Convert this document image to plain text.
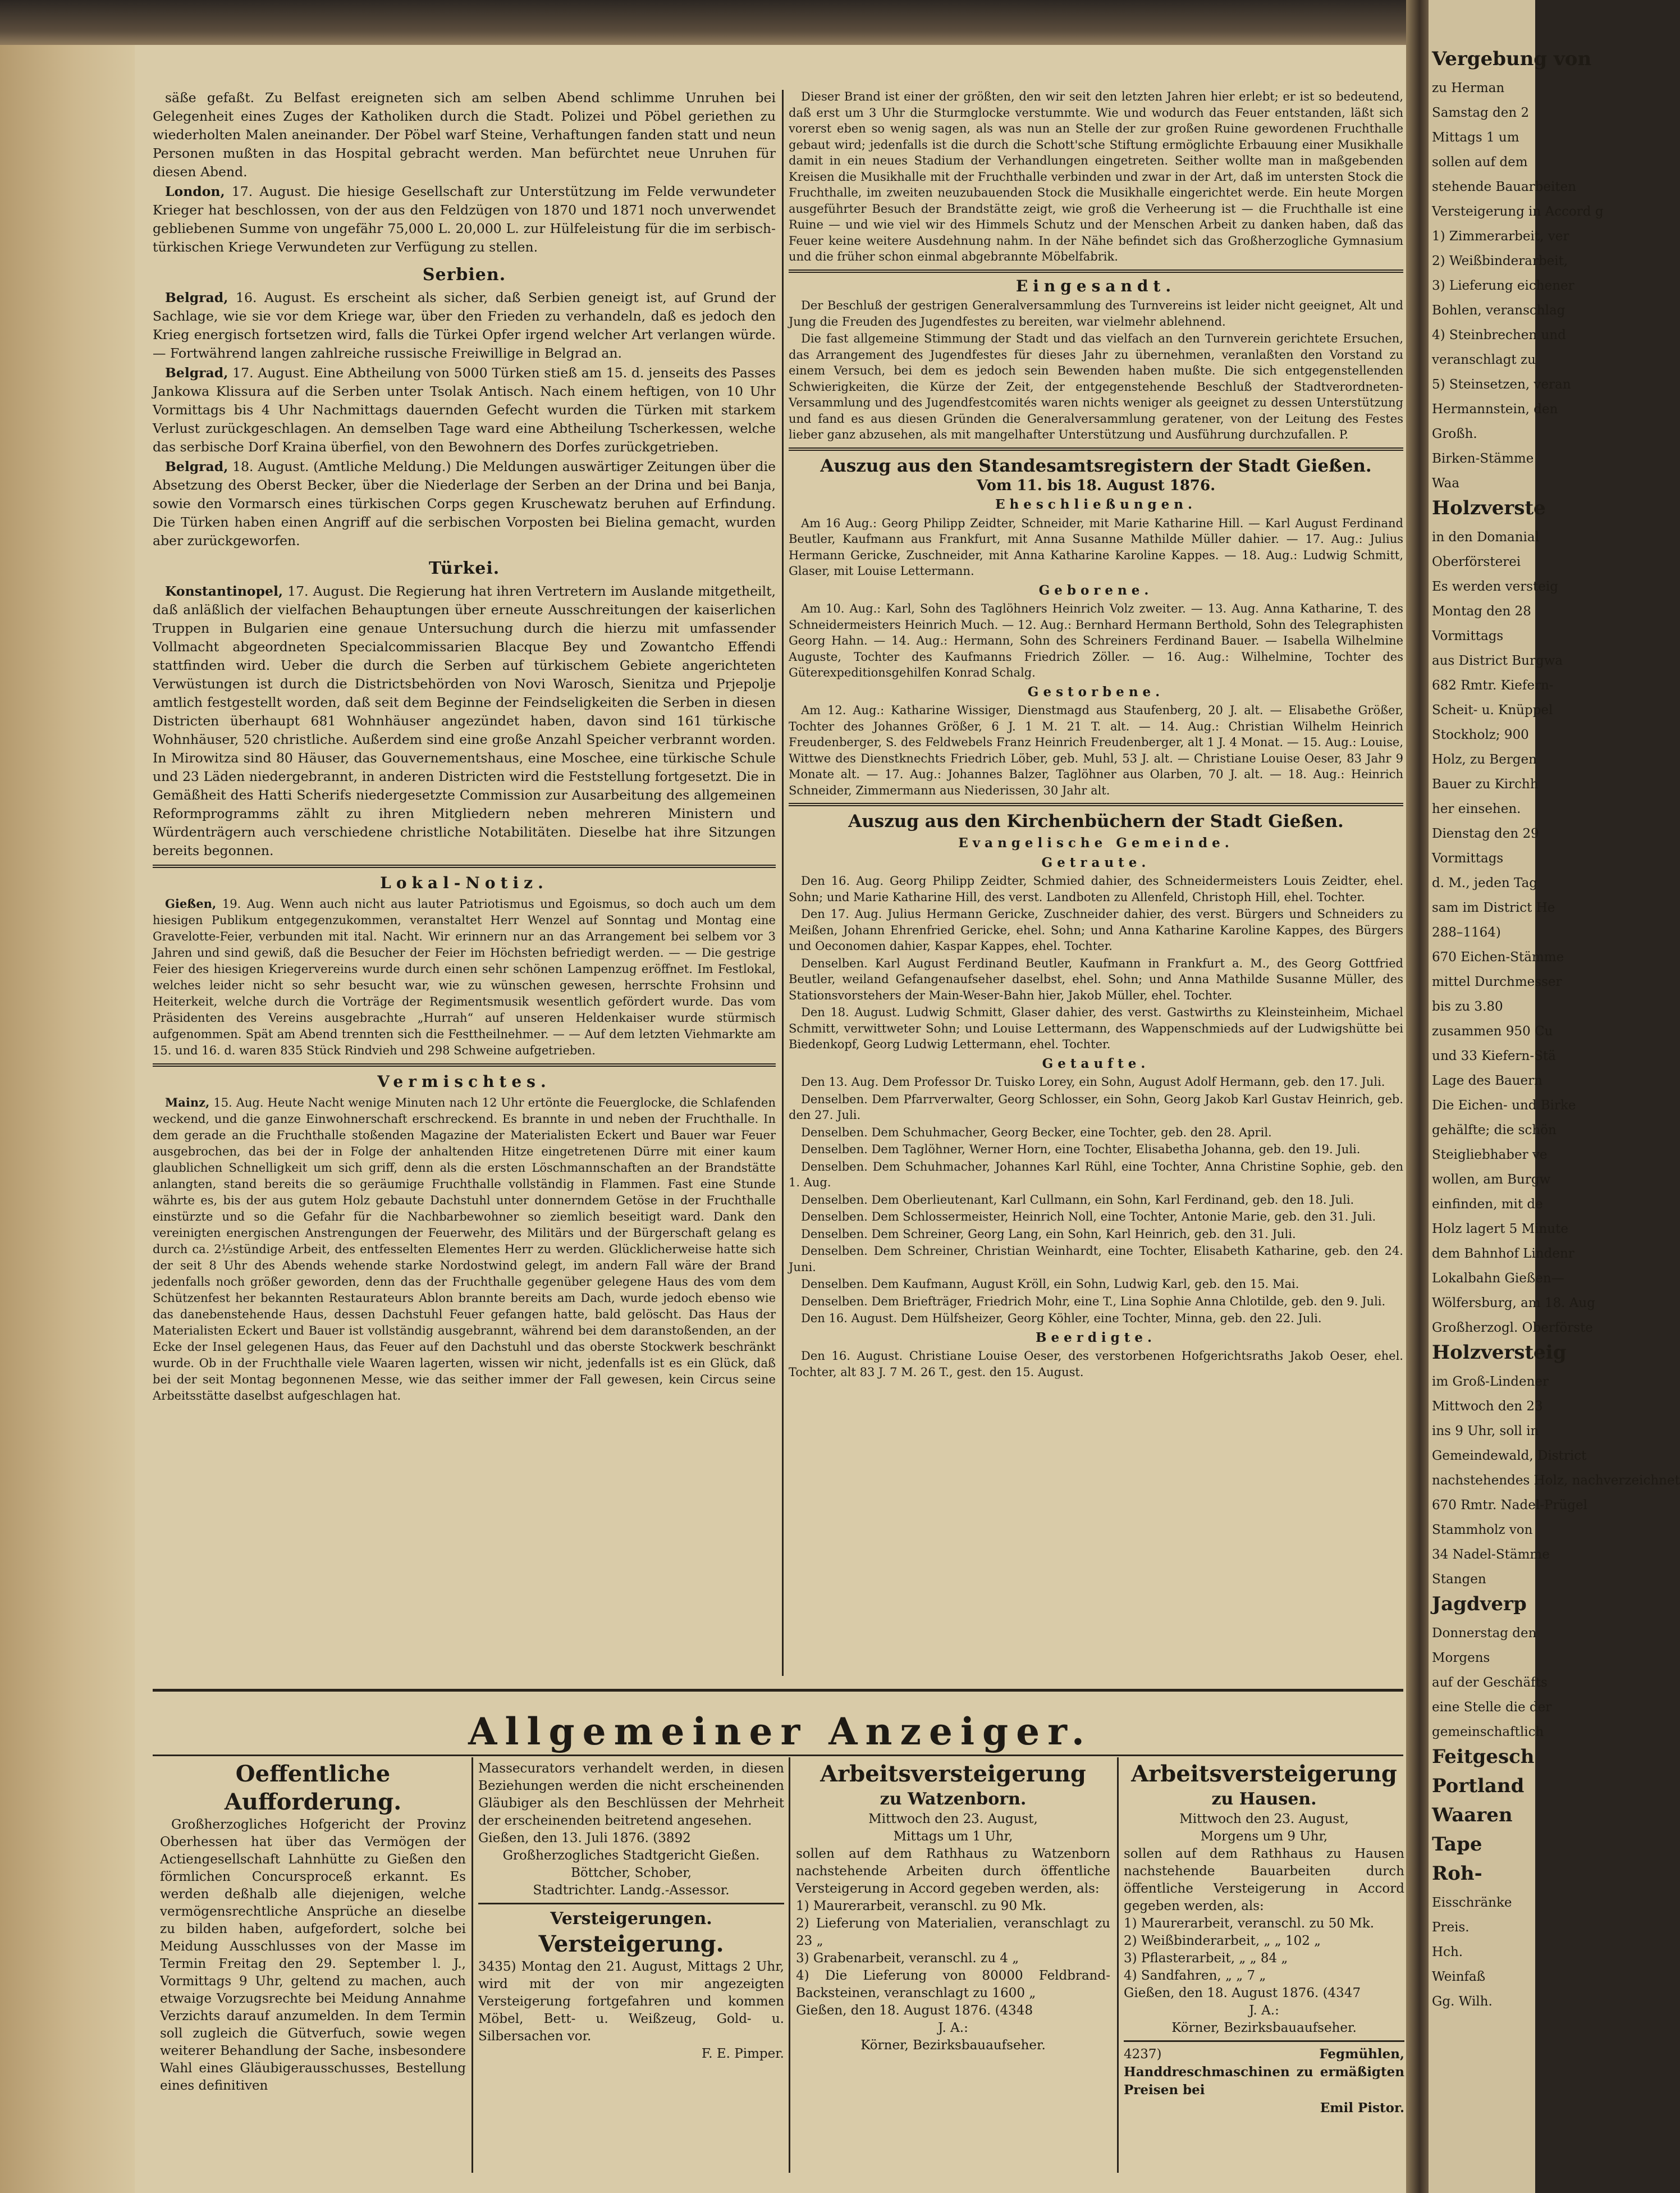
säße gefaßt. Zu Belfast ereigneten sich am selben Abend schlimme Unruhen bei Gelegenheit eines Zuges der Katholiken durch die Stadt. Polizei und Pöbel geriethen zu wiederholten Malen aneinander. Der Pöbel warf Steine, Verhaftungen fanden statt und neun Personen mußten in das Hospital gebracht werden. Man befürchtet neue Unruhen für diesen Abend.

London, 17. August. Die hiesige Gesellschaft zur Unterstützung im Felde verwundeter Krieger hat beschlossen, von der aus den Feldzügen von 1870 und 1871 noch unverwendet gebliebenen Summe von ungefähr 75,000 L. 20,000 L. zur Hülfeleistung für die im serbisch-türkischen Kriege Verwundeten zur Verfügung zu stellen.

Serbien.

Belgrad, 16. August. Es erscheint als sicher, daß Serbien geneigt ist, auf Grund der Sachlage, wie sie vor dem Kriege war, über den Frieden zu verhandeln, daß es jedoch den Krieg energisch fortsetzen wird, falls die Türkei Opfer irgend welcher Art verlangen würde. — Fortwährend langen zahlreiche russische Freiwillige in Belgrad an.

Belgrad, 17. August. Eine Abtheilung von 5000 Türken stieß am 15. d. jenseits des Passes Jankowa Klissura auf die Serben unter Tsolak Antisch. Nach einem heftigen, von 10 Uhr Vormittags bis 4 Uhr Nachmittags dauernden Gefecht wurden die Türken mit starkem Verlust zurückgeschlagen. An demselben Tage ward eine Abtheilung Tscherkessen, welche das serbische Dorf Kraina überfiel, von den Bewohnern des Dorfes zurückgetrieben.

Belgrad, 18. August. (Amtliche Meldung.) Die Meldungen auswärtiger Zeitungen über die Absetzung des Oberst Becker, über die Niederlage der Serben an der Drina und bei Banja, sowie den Vormarsch eines türkischen Corps gegen Kruschewatz beruhen auf Erfindung. Die Türken haben einen Angriff auf die serbischen Vorposten bei Bielina gemacht, wurden aber zurückgeworfen.

Türkei.

Konstantinopel, 17. August. Die Regierung hat ihren Vertretern im Auslande mitgetheilt, daß anläßlich der vielfachen Behauptungen über erneute Ausschreitungen der kaiserlichen Truppen in Bulgarien eine genaue Untersuchung durch die hierzu mit umfassender Vollmacht abgeordneten Specialcommissarien Blacque Bey und Zowantcho Effendi stattfinden wird. Ueber die durch die Serben auf türkischem Gebiete angerichteten Verwüstungen ist durch die Districtsbehörden von Novi Warosch, Sienitza und Prjepolje amtlich festgestellt worden, daß seit dem Beginne der Feindseligkeiten die Serben in diesen Districten überhaupt 681 Wohnhäuser angezündet haben, davon sind 161 türkische Wohnhäuser, 520 christliche. Außerdem sind eine große Anzahl Speicher verbrannt worden. In Mirowitza sind 80 Häuser, das Gouvernementshaus, eine Moschee, eine türkische Schule und 23 Läden niedergebrannt, in anderen Districten wird die Feststellung fortgesetzt. Die in Gemäßheit des Hatti Scherifs niedergesetzte Commission zur Ausarbeitung des allgemeinen Reformprogramms zählt zu ihren Mitgliedern neben mehreren Ministern und Würdenträgern auch verschiedene christliche Notabilitäten. Dieselbe hat ihre Sitzungen bereits begonnen.

Lokal-Notiz.

Gießen, 19. Aug. Wenn auch nicht aus lauter Patriotismus und Egoismus, so doch auch um dem hiesigen Publikum entgegenzukommen, veranstaltet Herr Wenzel auf Sonntag und Montag eine Gravelotte-Feier, verbunden mit ital. Nacht. Wir erinnern nur an das Arrangement bei selbem vor 3 Jahren und sind gewiß, daß die Besucher der Feier im Höchsten befriedigt werden. — — Die gestrige Feier des hiesigen Kriegervereins wurde durch einen sehr schönen Lampenzug eröffnet. Im Festlokal, welches leider nicht so sehr besucht war, wie zu wünschen gewesen, herrschte Frohsinn und Heiterkeit, welche durch die Vorträge der Regimentsmusik wesentlich gefördert wurde. Das vom Präsidenten des Vereins ausgebrachte „Hurrah“ auf unseren Heldenkaiser wurde stürmisch aufgenommen. Spät am Abend trennten sich die Festtheilnehmer. — — Auf dem letzten Viehmarkte am 15. und 16. d. waren 835 Stück Rindvieh und 298 Schweine aufgetrieben.

Vermischtes.

Mainz, 15. Aug. Heute Nacht wenige Minuten nach 12 Uhr ertönte die Feuerglocke, die Schlafenden weckend, und die ganze Einwohnerschaft erschreckend. Es brannte in und neben der Fruchthalle. In dem gerade an die Fruchthalle stoßenden Magazine der Materialisten Eckert und Bauer war Feuer ausgebrochen, das bei der in Folge der anhaltenden Hitze eingetretenen Dürre mit einer kaum glaublichen Schnelligkeit um sich griff, denn als die ersten Löschmannschaften an der Brandstätte anlangten, stand bereits die so geräumige Fruchthalle vollständig in Flammen. Fast eine Stunde währte es, bis der aus gutem Holz gebaute Dachstuhl unter donnerndem Getöse in der Fruchthalle einstürzte und so die Gefahr für die Nachbarbewohner so ziemlich beseitigt ward. Dank den vereinigten energischen Anstrengungen der Feuerwehr, des Militärs und der Bürgerschaft gelang es durch ca. 2½stündige Arbeit, des entfesselten Elementes Herr zu werden. Glücklicherweise hatte sich der seit 8 Uhr des Abends wehende starke Nordostwind gelegt, im andern Fall wäre der Brand jedenfalls noch größer geworden, denn das der Fruchthalle gegenüber gelegene Haus des vom dem Schützenfest her bekannten Restaurateurs Ablon brannte bereits am Dach, wurde jedoch ebenso wie das danebenstehende Haus, dessen Dachstuhl Feuer gefangen hatte, bald gelöscht. Das Haus der Materialisten Eckert und Bauer ist vollständig ausgebrannt, während bei dem daranstoßenden, an der Ecke der Insel gelegenen Haus, das Feuer auf den Dachstuhl und das oberste Stockwerk beschränkt wurde. Ob in der Fruchthalle viele Waaren lagerten, wissen wir nicht, jedenfalls ist es ein Glück, daß bei der seit Montag begonnenen Messe, wie das seither immer der Fall gewesen, kein Circus seine Arbeitsstätte daselbst aufgeschlagen hat.

Dieser Brand ist einer der größten, den wir seit den letzten Jahren hier erlebt; er ist so bedeutend, daß erst um 3 Uhr die Sturmglocke verstummte. Wie und wodurch das Feuer entstanden, läßt sich vorerst eben so wenig sagen, als was nun an Stelle der zur großen Ruine gewordenen Fruchthalle gebaut wird; jedenfalls ist die durch die Schott'sche Stiftung ermöglichte Erbauung einer Musikhalle damit in ein neues Stadium der Verhandlungen eingetreten. Seither wollte man in maßgebenden Kreisen die Musikhalle mit der Fruchthalle verbinden und zwar in der Art, daß im untersten Stock die Fruchthalle, im zweiten neuzubauenden Stock die Musikhalle eingerichtet werde. Ein heute Morgen ausgeführter Besuch der Brandstätte zeigt, wie groß die Verheerung ist — die Fruchthalle ist eine Ruine — und wie viel wir des Himmels Schutz und der Menschen Arbeit zu danken haben, daß das Feuer keine weitere Ausdehnung nahm. In der Nähe befindet sich das Großherzogliche Gymnasium und die früher schon einmal abgebrannte Möbelfabrik.

Eingesandt.

Der Beschluß der gestrigen Generalversammlung des Turnvereins ist leider nicht geeignet, Alt und Jung die Freuden des Jugendfestes zu bereiten, war vielmehr ablehnend.

Die fast allgemeine Stimmung der Stadt und das vielfach an den Turnverein gerichtete Ersuchen, das Arrangement des Jugendfestes für dieses Jahr zu übernehmen, veranlaßten den Vorstand zu einem Versuch, bei dem es jedoch sein Bewenden haben mußte. Die sich entgegenstellenden Schwierigkeiten, die Kürze der Zeit, der entgegenstehende Beschluß der Stadtverordneten-Versammlung und des Jugendfestcomités waren nichts weniger als geeignet zu dessen Unterstützung und fand es aus diesen Gründen die Generalversammlung geratener, von der Leitung des Festes lieber ganz abzusehen, als mit mangelhafter Unterstützung und Ausführung durchzufallen. P.

Auszug aus den Standesamtsregistern der Stadt Gießen.
Vom 11. bis 18. August 1876.
Eheschließungen.

Am 16 Aug.: Georg Philipp Zeidter, Schneider, mit Marie Katharine Hill. — Karl August Ferdinand Beutler, Kaufmann aus Frankfurt, mit Anna Susanne Mathilde Müller dahier. — 17. Aug.: Julius Hermann Gericke, Zuschneider, mit Anna Katharine Karoline Kappes. — 18. Aug.: Ludwig Schmitt, Glaser, mit Louise Lettermann.

Geborene.

Am 10. Aug.: Karl, Sohn des Taglöhners Heinrich Volz zweiter. — 13. Aug. Anna Katharine, T. des Schneidermeisters Heinrich Much. — 12. Aug.: Bernhard Hermann Berthold, Sohn des Telegraphisten Georg Hahn. — 14. Aug.: Hermann, Sohn des Schreiners Ferdinand Bauer. — Isabella Wilhelmine Auguste, Tochter des Kaufmanns Friedrich Zöller. — 16. Aug.: Wilhelmine, Tochter des Güterexpeditionsgehilfen Konrad Schalg.

Gestorbene.

Am 12. Aug.: Katharine Wissiger, Dienstmagd aus Staufenberg, 20 J. alt. — Elisabethe Größer, Tochter des Johannes Größer, 6 J. 1 M. 21 T. alt. — 14. Aug.: Christian Wilhelm Heinrich Freudenberger, S. des Feldwebels Franz Heinrich Freudenberger, alt 1 J. 4 Monat. — 15. Aug.: Louise, Wittwe des Dienstknechts Friedrich Löber, geb. Muhl, 53 J. alt. — Christiane Louise Oeser, 83 Jahr 9 Monate alt. — 17. Aug.: Johannes Balzer, Taglöhner aus Olarben, 70 J. alt. — 18. Aug.: Heinrich Schneider, Zimmermann aus Niederissen, 30 Jahr alt.

Auszug aus den Kirchenbüchern der Stadt Gießen.
Evangelische Gemeinde.
Getraute.

Den 16. Aug. Georg Philipp Zeidter, Schmied dahier, des Schneidermeisters Louis Zeidter, ehel. Sohn; und Marie Katharine Hill, des verst. Landboten zu Allenfeld, Christoph Hill, ehel. Tochter.

Den 17. Aug. Julius Hermann Gericke, Zuschneider dahier, des verst. Bürgers und Schneiders zu Meißen, Johann Ehrenfried Gericke, ehel. Sohn; und Anna Katharine Karoline Kappes, des Bürgers und Oeconomen dahier, Kaspar Kappes, ehel. Tochter.

Denselben. Karl August Ferdinand Beutler, Kaufmann in Frankfurt a. M., des Georg Gottfried Beutler, weiland Gefangenaufseher daselbst, ehel. Sohn; und Anna Mathilde Susanne Müller, des Stationsvorstehers der Main-Weser-Bahn hier, Jakob Müller, ehel. Tochter.

Den 18. August. Ludwig Schmitt, Glaser dahier, des verst. Gastwirths zu Kleinsteinheim, Michael Schmitt, verwittweter Sohn; und Louise Lettermann, des Wappenschmieds auf der Ludwigshütte bei Biedenkopf, Georg Ludwig Lettermann, ehel. Tochter.

Getaufte.

Den 13. Aug. Dem Professor Dr. Tuisko Lorey, ein Sohn, August Adolf Hermann, geb. den 17. Juli.

Denselben. Dem Pfarrverwalter, Georg Schlosser, ein Sohn, Georg Jakob Karl Gustav Heinrich, geb. den 27. Juli.

Denselben. Dem Schuhmacher, Georg Becker, eine Tochter, geb. den 28. April.

Denselben. Dem Taglöhner, Werner Horn, eine Tochter, Elisabetha Johanna, geb. den 19. Juli.

Denselben. Dem Schuhmacher, Johannes Karl Rühl, eine Tochter, Anna Christine Sophie, geb. den 1. Aug.

Denselben. Dem Oberlieutenant, Karl Cullmann, ein Sohn, Karl Ferdinand, geb. den 18. Juli.

Denselben. Dem Schlossermeister, Heinrich Noll, eine Tochter, Antonie Marie, geb. den 31. Juli.

Denselben. Dem Schreiner, Georg Lang, ein Sohn, Karl Heinrich, geb. den 31. Juli.

Denselben. Dem Schreiner, Christian Weinhardt, eine Tochter, Elisabeth Katharine, geb. den 24. Juni.

Denselben. Dem Kaufmann, August Kröll, ein Sohn, Ludwig Karl, geb. den 15. Mai.

Denselben. Dem Briefträger, Friedrich Mohr, eine T., Lina Sophie Anna Chlotilde, geb. den 9. Juli.

Den 16. August. Dem Hülfsheizer, Georg Köhler, eine Tochter, Minna, geb. den 22. Juli.

Beerdigte.

Den 16. August. Christiane Louise Oeser, des verstorbenen Hofgerichtsraths Jakob Oeser, ehel. Tochter, alt 83 J. 7 M. 26 T., gest. den 15. August.

Allgemeiner Anzeiger.

Oeffentliche Aufforderung.

Großherzogliches Hofgericht der Provinz Oberhessen hat über das Vermögen der Actiengesellschaft Lahnhütte zu Gießen den förmlichen Concursproceß erkannt. Es werden deßhalb alle diejenigen, welche vermögensrechtliche Ansprüche an dieselbe zu bilden haben, aufgefordert, solche bei Meidung Ausschlusses von der Masse im Termin Freitag den 29. September l. J., Vormittags 9 Uhr, geltend zu machen, auch etwaige Vorzugsrechte bei Meidung Annahme Verzichts darauf anzumelden. In dem Termin soll zugleich die Gütverfuch, sowie wegen weiterer Behandlung der Sache, insbesondere Wahl eines Gläubigerausschusses, Bestellung eines definitiven

Massecurators verhandelt werden, in diesen Beziehungen werden die nicht erscheinenden Gläubiger als den Beschlüssen der Mehrheit der erscheinenden beitretend angesehen.

Gießen, den 13. Juli 1876. (3892

Großherzogliches Stadtgericht Gießen.

Böttcher, Schober,

Stadtrichter. Landg.-Assessor.

Versteigerungen.

Versteigerung.

3435) Montag den 21. August, Mittags 2 Uhr, wird mit der von mir angezeigten Versteigerung fortgefahren und kommen Möbel, Bett- u. Weißzeug, Gold- u. Silbersachen vor.

F. E. Pimper.

Arbeitsversteigerung

zu Watzenborn.

Mittwoch den 23. August,

Mittags um 1 Uhr,

sollen auf dem Rathhaus zu Watzenborn nachstehende Arbeiten durch öffentliche Versteigerung in Accord gegeben werden, als:

1) Maurerarbeit, veranschl. zu 90 Mk.

2) Lieferung von Materialien, veranschlagt zu 23 „

3) Grabenarbeit, veranschl. zu 4 „

4) Die Lieferung von 80000 Feldbrand-Backsteinen, veranschlagt zu 1600 „

Gießen, den 18. August 1876. (4348

J. A.:

Körner, Bezirksbauaufseher.

Arbeitsversteigerung

zu Hausen.

Mittwoch den 23. August,

Morgens um 9 Uhr,

sollen auf dem Rathhaus zu Hausen nachstehende Bauarbeiten durch öffentliche Versteigerung in Accord gegeben werden, als:

1) Maurerarbeit, veranschl. zu 50 Mk.

2) Weißbinderarbeit, „ „ 102 „

3) Pflasterarbeit, „ „ 84 „

4) Sandfahren, „ „ 7 „

Gießen, den 18. August 1876. (4347

J. A.:

Körner, Bezirksbauaufseher.

4237)	Fegmühlen, Handdreschmaschinen zu ermäßigten Preisen bei

Emil Pistor.

Vergebung von
zu Herman
Samstag den 2
Mittags 1 um
sollen auf dem
stehende Bauarbeiten
Versteigerung in Accord g
1) Zimmerarbeit, ver
2) Weißbinderarbeit,
3) Lieferung eichener
Bohlen, veranschlag
4) Steinbrechen und
veranschlagt zu
5) Steinsetzen, veran
Hermannstein, den
Großh.
Birken-Stämme
Waa
Holzverste
in den Domanial
Oberförsterei
Es werden versteig
Montag den 28
Vormittags
aus District Burgwa
682 Rmtr. Kiefern-
Scheit- u. Knüppel
Stockholz; 900
Holz, zu Bergen
Bauer zu Kirchh
her einsehen.
Dienstag den 29
Vormittags
d. M., jeden Tag
sam im District He
288–1164)
670 Eichen-Stämme
mittel Durchmesser
bis zu 3.80
zusammen 950 Cu
und 33 Kiefern-Stä
Lage des Bauern
Die Eichen- und Birke
gehälfte; die schön
Steigliebhaber ve
wollen, am Burgw
einfinden, mit de
Holz lagert 5 Minute
dem Bahnhof Lindenr
Lokalbahn Gießen—
Wölfersburg, am 18. Aug
Großherzogl. Oberförste
Holzversteig
im Groß-Lindener
Mittwoch den 23
ins 9 Uhr, soll in
Gemeindewald, District
nachstehendes Holz, nachverzeichnet
670 Rmtr. Nadel-Prügel
Stammholz von
34 Nadel-Stämme
Stangen
Jagdverp
Donnerstag den
Morgens
auf der Geschäfts
eine Stelle die der
gemeinschaftlich
Feitgesch
Portland
Waaren
Tape
Roh-
Eisschränke
Preis.
Hch.
Weinfaß
Gg. Wilh.
